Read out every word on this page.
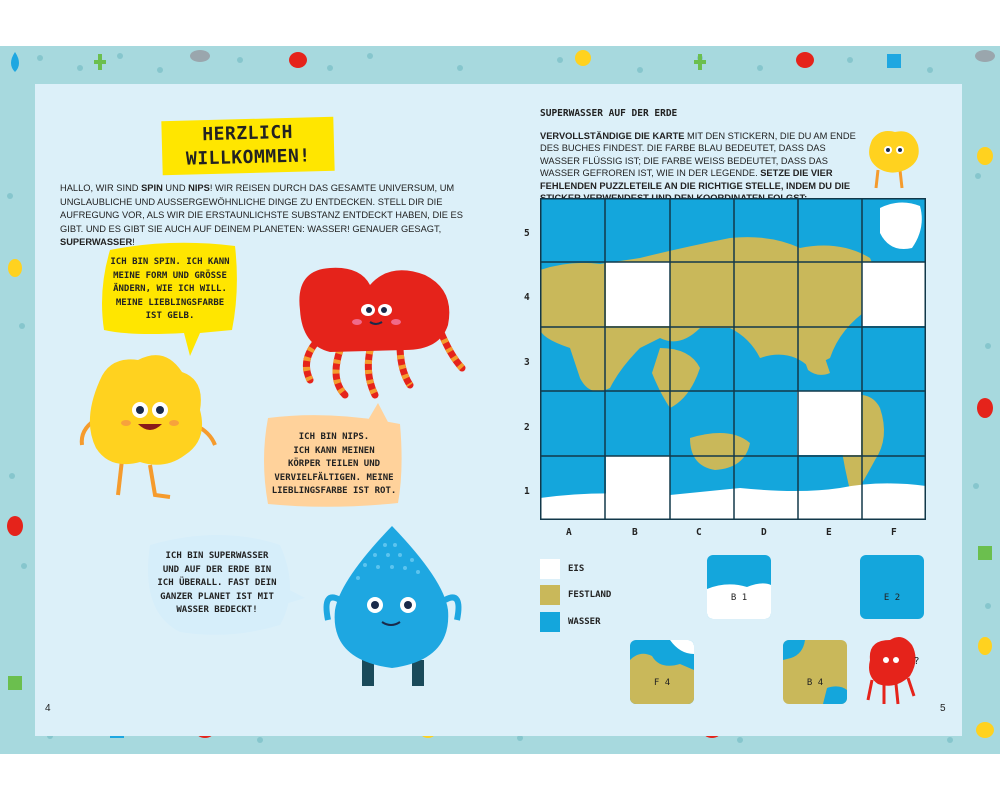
HERZLICH
WILLKOMMEN!
HALLO, WIR SIND SPIN UND NIPS! WIR REISEN DURCH DAS GESAMTE UNIVERSUM, UM UNGLAUBLICHE UND AUSSERGEWÖHNLICHE DINGE ZU ENTDECKEN. STELL DIR DIE AUFREGUNG VOR, ALS WIR DIE ERSTAUNLICHSTE SUBSTANZ ENTDECKT HABEN, DIE ES GIBT. UND ES GIBT SIE AUCH AUF DEINEM PLANETEN: WASSER! GENAUER GESAGT, SUPERWASSER!
ICH BIN SPIN. ICH KANN
MEINE FORM UND GRÖSSE
ÄNDERN, WIE ICH WILL.
MEINE LIEBLINGSFARBE
IST GELB.
ICH BIN NIPS.
ICH KANN MEINEN
KÖRPER TEILEN UND
VERVIELFÄLTIGEN. MEINE
LIEBLINGSFARBE IST ROT.
ICH BIN SUPERWASSER
UND AUF DER ERDE BIN
ICH ÜBERALL. FAST DEIN
GANZER PLANET IST MIT
WASSER BEDECKT!
?
4
SUPERWASSER AUF DER ERDE
VERVOLLSTÄNDIGE DIE KARTE MIT DEN STICKERN, DIE DU AM ENDE DES BUCHES FINDEST. DIE FARBE BLAU BEDEUTET, DASS DAS WASSER FLÜSSIG IST; DIE FARBE WEISS BEDEUTET, DASS DAS WASSER GEFROREN IST, WIE IN DER LEGENDE. SETZE DIE VIER FEHLENDEN PUZZLETEILE AN DIE RICHTIGE STELLE, INDEM DU DIE
5
4
3
2
1
A	B	C	D	E	F
EIS
FESTLAND
WASSER
B 1	E 2
F 4	B 4
5
